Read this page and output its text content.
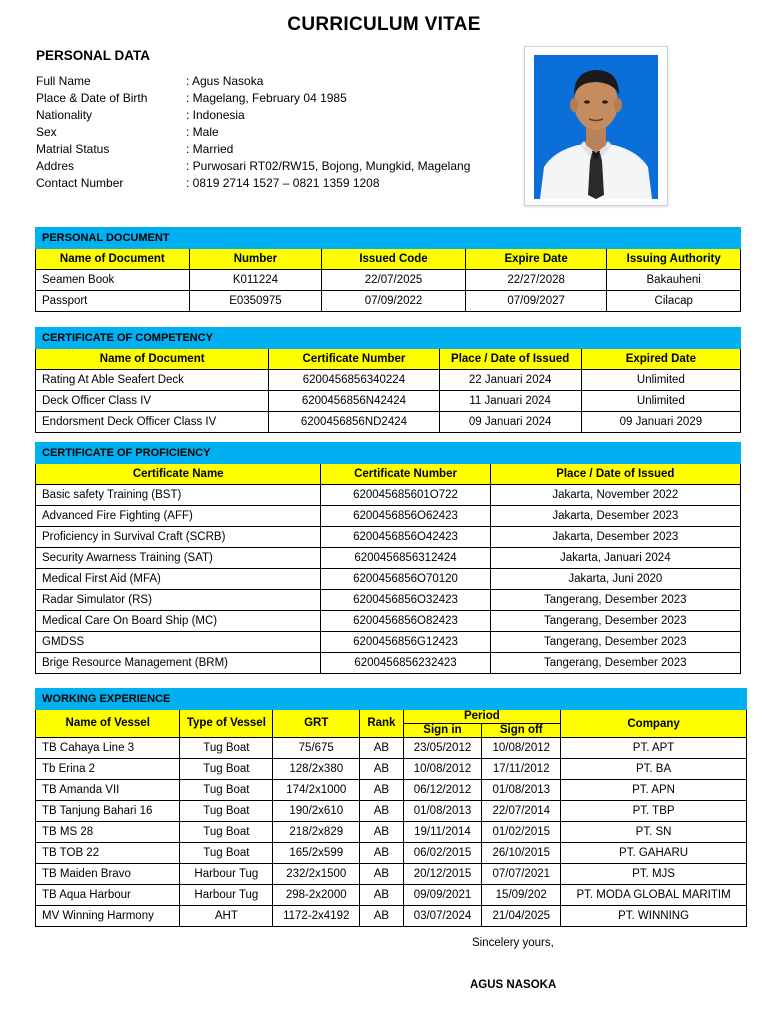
CURRICULUM VITAE
PERSONAL DATA
Full Name	: Agus Nasoka
Place & Date of Birth	: Magelang, February 04 1985
Nationality	: Indonesia
Sex	: Male
Matrial Status	: Married
Addres	: Purwosari RT02/RW15, Bojong, Mungkid, Magelang
Contact Number	: 0819 2714 1527 – 0821 1359 1208
PERSONAL DOCUMENT				
Name of Document	Number	Issued Code	Expire Date	Issuing Authority
Seamen Book	K011224	22/07/2025	22/27/2028	Bakauheni
Passport	E0350975	07/09/2022	07/09/2027	Cilacap
CERTIFICATE OF COMPETENCY			
Name of Document	Certificate Number	Place / Date of Issued	Expired Date
Rating At Able Seafert Deck	6200456856340224	22 Januari 2024	Unlimited
Deck Officer Class IV	6200456856N42424	11 Januari 2024	Unlimited
Endorsment Deck Officer Class IV	6200456856ND2424	09 Januari 2024	09 Januari 2029
CERTIFICATE OF PROFICIENCY		
Certificate Name	Certificate Number	Place / Date of Issued
Basic safety Training (BST)	620045685601O722	Jakarta, November 2022
Advanced Fire Fighting (AFF)	6200456856O62423	Jakarta, Desember 2023
Proficiency in Survival Craft (SCRB)	6200456856O42423	Jakarta, Desember 2023
Security Awarness Training (SAT)	6200456856312424	Jakarta, Januari 2024
Medical First Aid (MFA)	6200456856O70120	Jakarta, Juni 2020
Radar Simulator (RS)	6200456856O32423	Tangerang, Desember 2023
Medical Care On Board Ship (MC)	6200456856O82423	Tangerang, Desember 2023
GMDSS	6200456856G12423	Tangerang, Desember 2023
Brige Resource Management (BRM)	6200456856232423	Tangerang, Desember 2023
WORKING EXPERIENCE						
Name of Vessel	Type of Vessel	GRT	Rank	Period		Company
				Sign in	Sign off	
TB Cahaya Line 3	Tug Boat	75/675	AB	23/05/2012	10/08/2012	PT. APT
Tb Erina 2	Tug Boat	128/2x380	AB	10/08/2012	17/11/2012	PT. BA
TB Amanda VII	Tug Boat	174/2x1000	AB	06/12/2012	01/08/2013	PT. APN
TB Tanjung Bahari 16	Tug Boat	190/2x610	AB	01/08/2013	22/07/2014	PT. TBP
TB MS 28	Tug Boat	218/2x829	AB	19/11/2014	01/02/2015	PT. SN
TB TOB 22	Tug Boat	165/2x599	AB	06/02/2015	26/10/2015	PT. GAHARU
TB Maiden Bravo	Harbour Tug	232/2x1500	AB	20/12/2015	07/07/2021	PT. MJS
TB Aqua Harbour	Harbour Tug	298-2x2000	AB	09/09/2021	15/09/202	PT. MODA GLOBAL MARITIM
MV Winning Harmony	AHT	1172-2x4192	AB	03/07/2024	21/04/2025	PT. WINNING
Sincelery yours,
AGUS NASOKA
